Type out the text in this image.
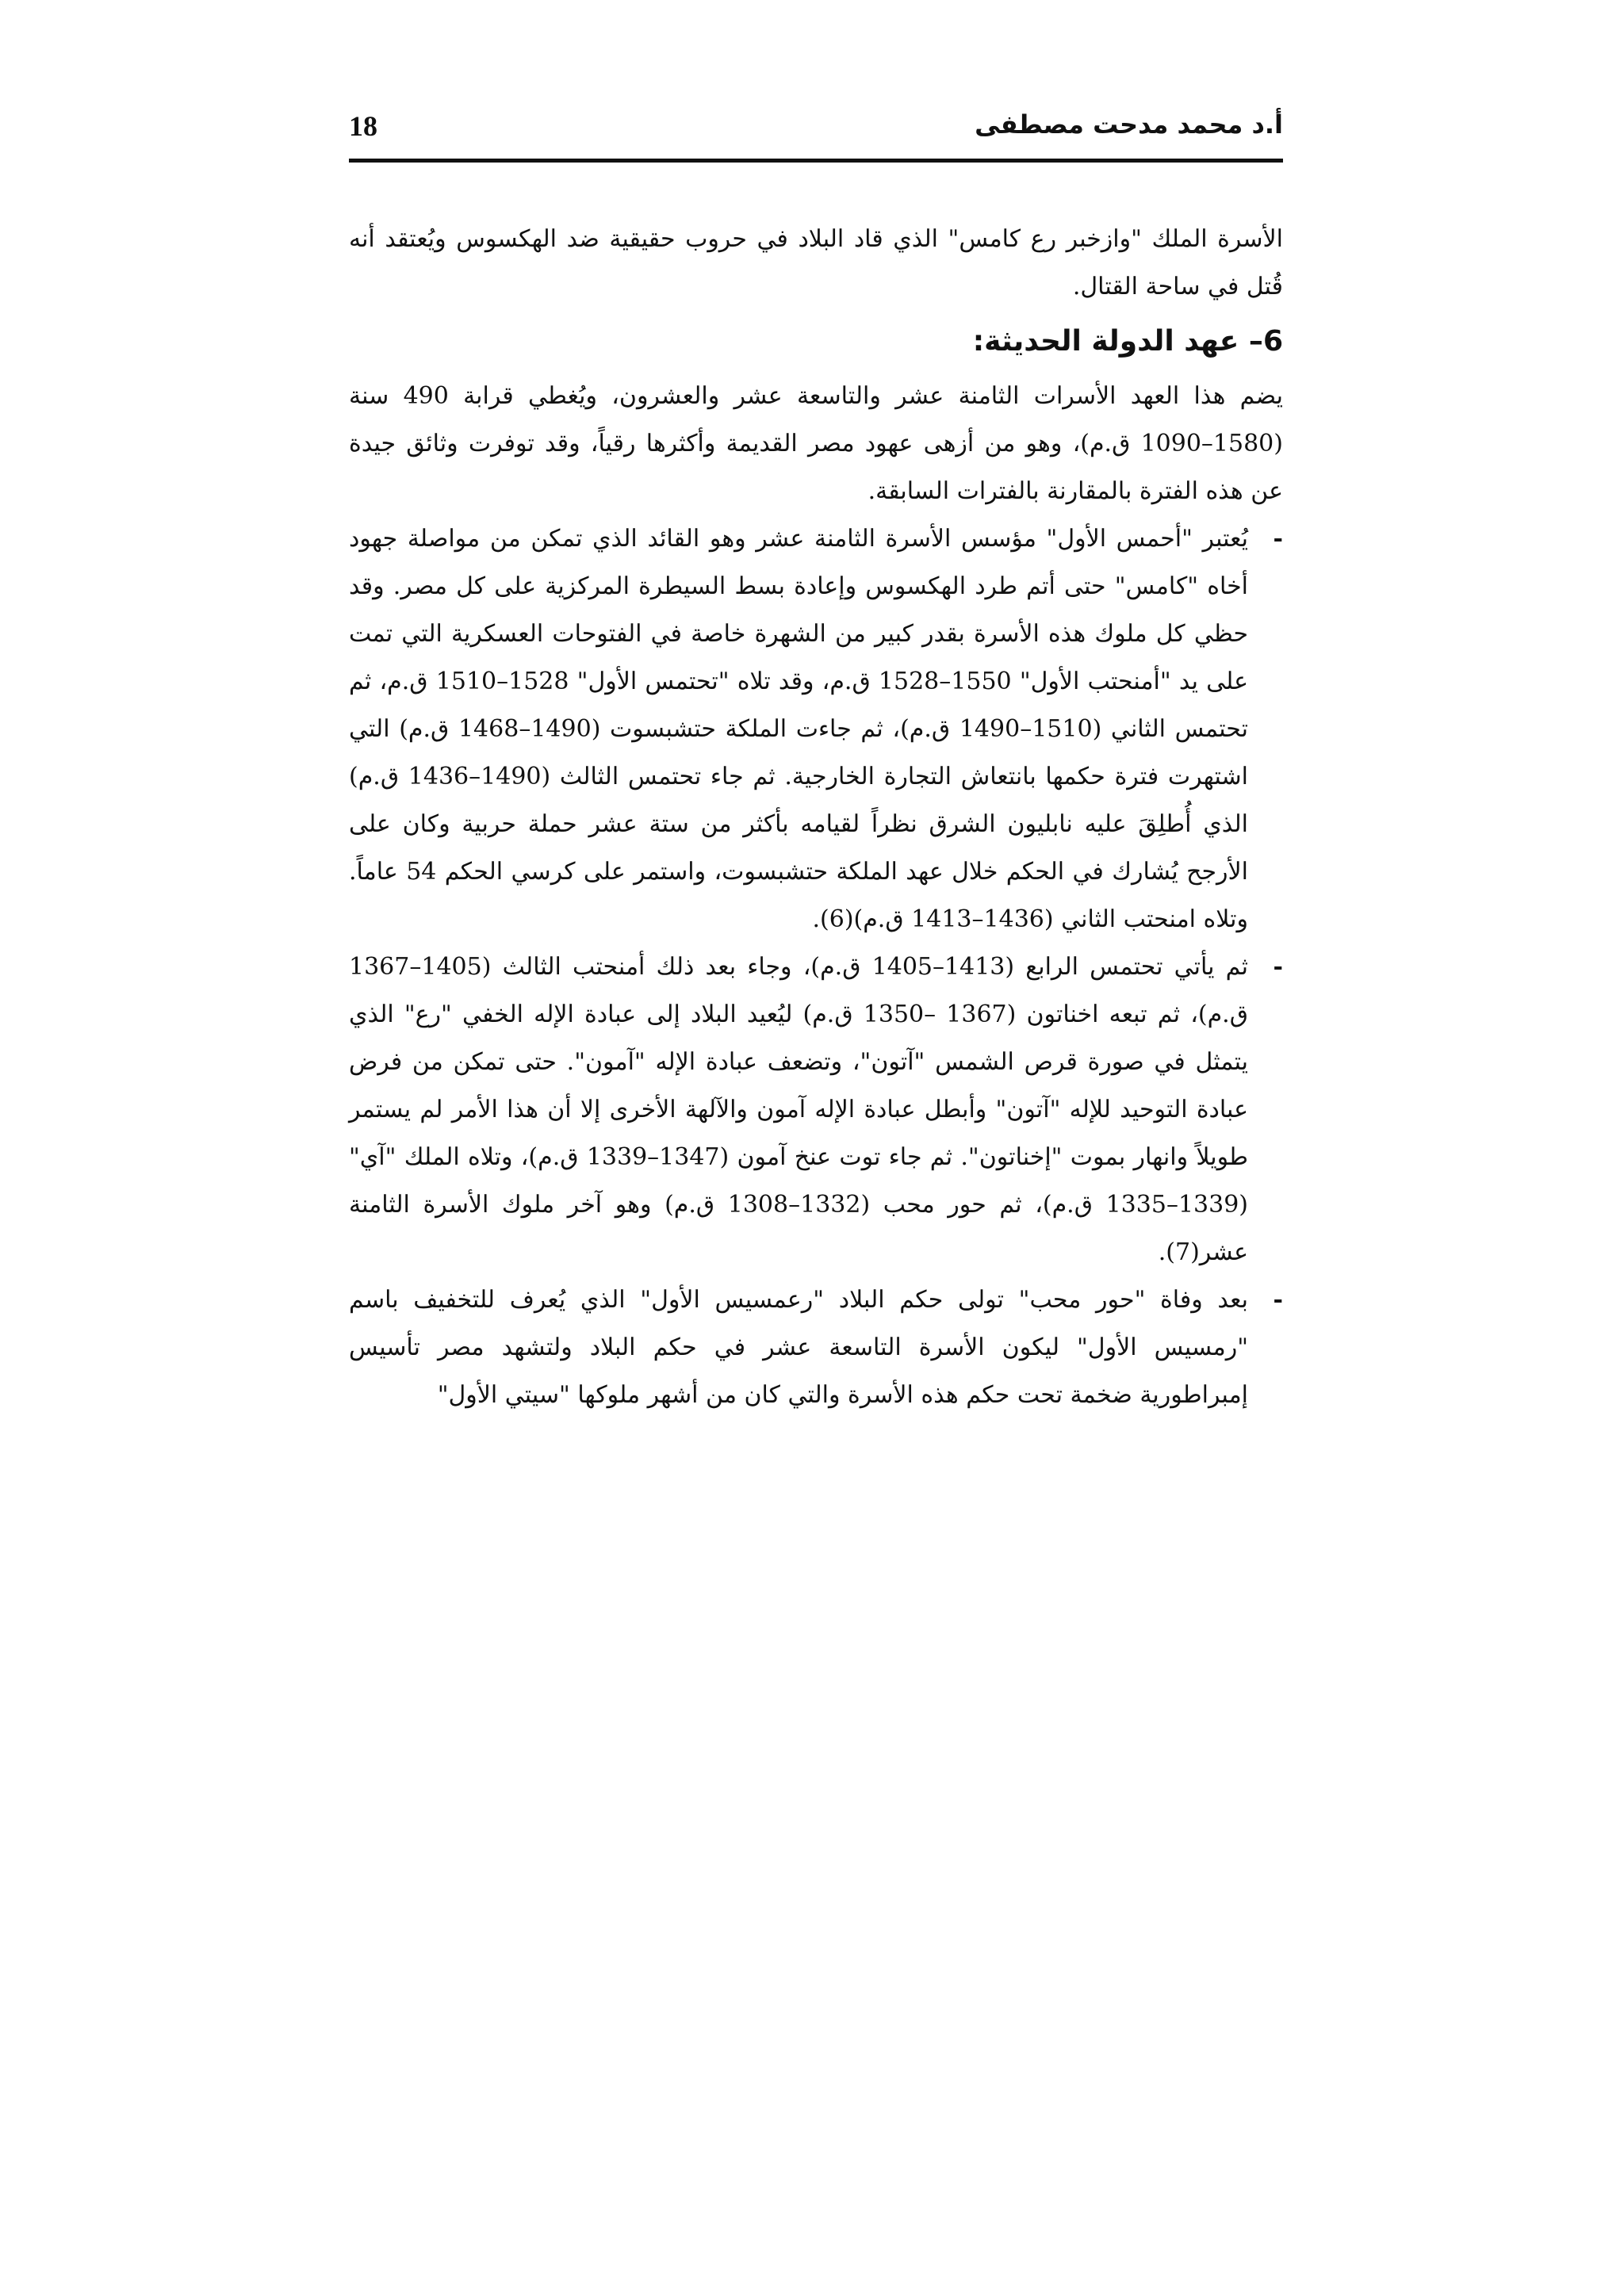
18	أ.د محمد مدحت مصطفى

الأسرة الملك "وازخبر رع كامس" الذي قاد البلاد في حروب حقيقية ضد الهكسوس ويُعتقد أنه قُتل في ساحة القتال.

6– عهد الدولة الحديثة:

يضم هذا العهد الأسرات الثامنة عشر والتاسعة عشر والعشرون، ويُغطي قرابة 490 سنة (1580–1090 ق.م)، وهو من أزهى عهود مصر القديمة وأكثرها رقياً، وقد توفرت وثائق جيدة عن هذه الفترة بالمقارنة بالفترات السابقة.

-
يُعتبر "أحمس الأول" مؤسس الأسرة الثامنة عشر وهو القائد الذي تمكن من مواصلة جهود أخاه "كامس" حتى أتم طرد الهكسوس وإعادة بسط السيطرة المركزية على كل مصر. وقد حظي كل ملوك هذه الأسرة بقدر كبير من الشهرة خاصة في الفتوحات العسكرية التي تمت على يد "أمنحتب الأول" 1550–1528 ق.م، وقد تلاه "تحتمس الأول" 1528–1510 ق.م، ثم تحتمس الثاني (1510–1490 ق.م)، ثم جاءت الملكة حتشبسوت (1490–1468 ق.م) التي اشتهرت فترة حكمها بانتعاش التجارة الخارجية. ثم جاء تحتمس الثالث (1490–1436 ق.م) الذي أُطلِقَ عليه نابليون الشرق نظراً لقيامه بأكثر من ستة عشر حملة حربية وكان على الأرجح يُشارك في الحكم خلال عهد الملكة حتشبسوت، واستمر على كرسي الحكم 54 عاماً. وتلاه امنحتب الثاني (1436–1413 ق.م)(6).

-
ثم يأتي تحتمس الرابع (1413–1405 ق.م)، وجاء بعد ذلك أمنحتب الثالث (1405–1367 ق.م)، ثم تبعه اخناتون (1367 –1350 ق.م) ليُعيد البلاد إلى عبادة الإله الخفي "رع" الذي يتمثل في صورة قرص الشمس "آتون"، وتضعف عبادة الإله "آمون". حتى تمكن من فرض عبادة التوحيد للإله "آتون" وأبطل عبادة الإله آمون والآلهة الأخرى إلا أن هذا الأمر لم يستمر طويلاً وانهار بموت "إخناتون". ثم جاء توت عنخ آمون (1347–1339 ق.م)، وتلاه الملك "آي" (1339–1335 ق.م)، ثم حور محب (1332–1308 ق.م) وهو آخر ملوك الأسرة الثامنة عشر(7).

-
بعد وفاة "حور محب" تولى حكم البلاد "رعمسيس الأول" الذي يُعرف للتخفيف باسم "رمسيس الأول" ليكون الأسرة التاسعة عشر في حكم البلاد ولتشهد مصر تأسيس إمبراطورية ضخمة تحت حكم هذه الأسرة والتي كان من أشهر ملوكها "سيتي الأول"
